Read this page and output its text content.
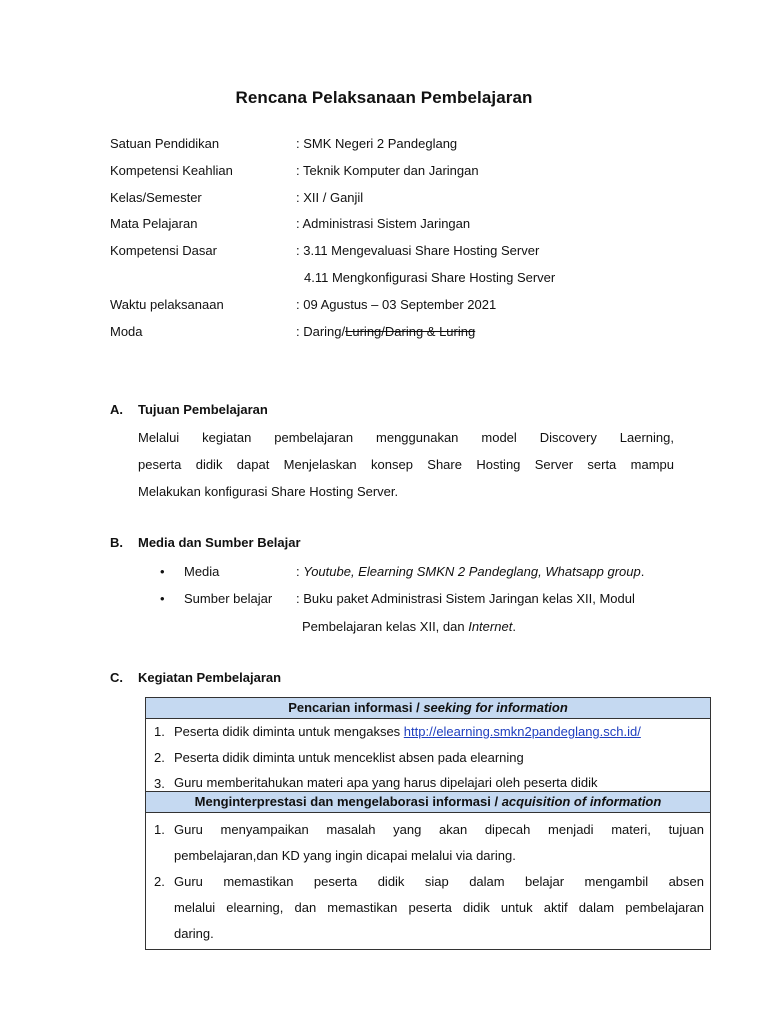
Rencana Pelaksanaan Pembelajaran
Satuan Pendidikan	: SMK Negeri 2 Pandeglang
Kompetensi Keahlian	: Teknik Komputer dan Jaringan
Kelas/Semester	: XII / Ganjil
Mata Pelajaran	: Administrasi Sistem Jaringan
Kompetensi Dasar	: 3.11 Mengevaluasi Share Hosting Server
4.11 Mengkonfigurasi Share Hosting Server
Waktu pelaksanaan	: 09 Agustus – 03 September 2021
Moda	: Daring/Luring/Daring & Luring
A. Tujuan Pembelajaran
Melalui kegiatan pembelajaran menggunakan model Discovery Laerning,
peserta didik dapat Menjelaskan konsep Share Hosting Server serta mampu
Melakukan konfigurasi Share Hosting Server.
B. Media dan Sumber Belajar
• Media	: Youtube, Elearning SMKN 2 Pandeglang, Whatsapp group.
• Sumber belajar : Buku paket Administrasi Sistem Jaringan kelas XII, Modul
Pembelajaran kelas XII, dan Internet.
C. Kegiatan Pembelajaran
Pencarian informasi / seeking for information
1. Peserta didik diminta untuk mengakses http://elearning.smkn2pandeglang.sch.id/
2. Peserta didik diminta untuk menceklist absen pada elearning
3. Guru memberitahukan materi apa yang harus dipelajari oleh peserta didik
Menginterprestasi dan mengelaborasi informasi / acquisition of information
1. Guru menyampaikan masalah yang akan dipecah menjadi materi, tujuan
pembelajaran,dan KD yang ingin dicapai melalui via daring.
2. Guru memastikan peserta didik siap dalam belajar mengambil absen
melalui elearning, dan memastikan peserta didik untuk aktif dalam pembelajaran
daring.
